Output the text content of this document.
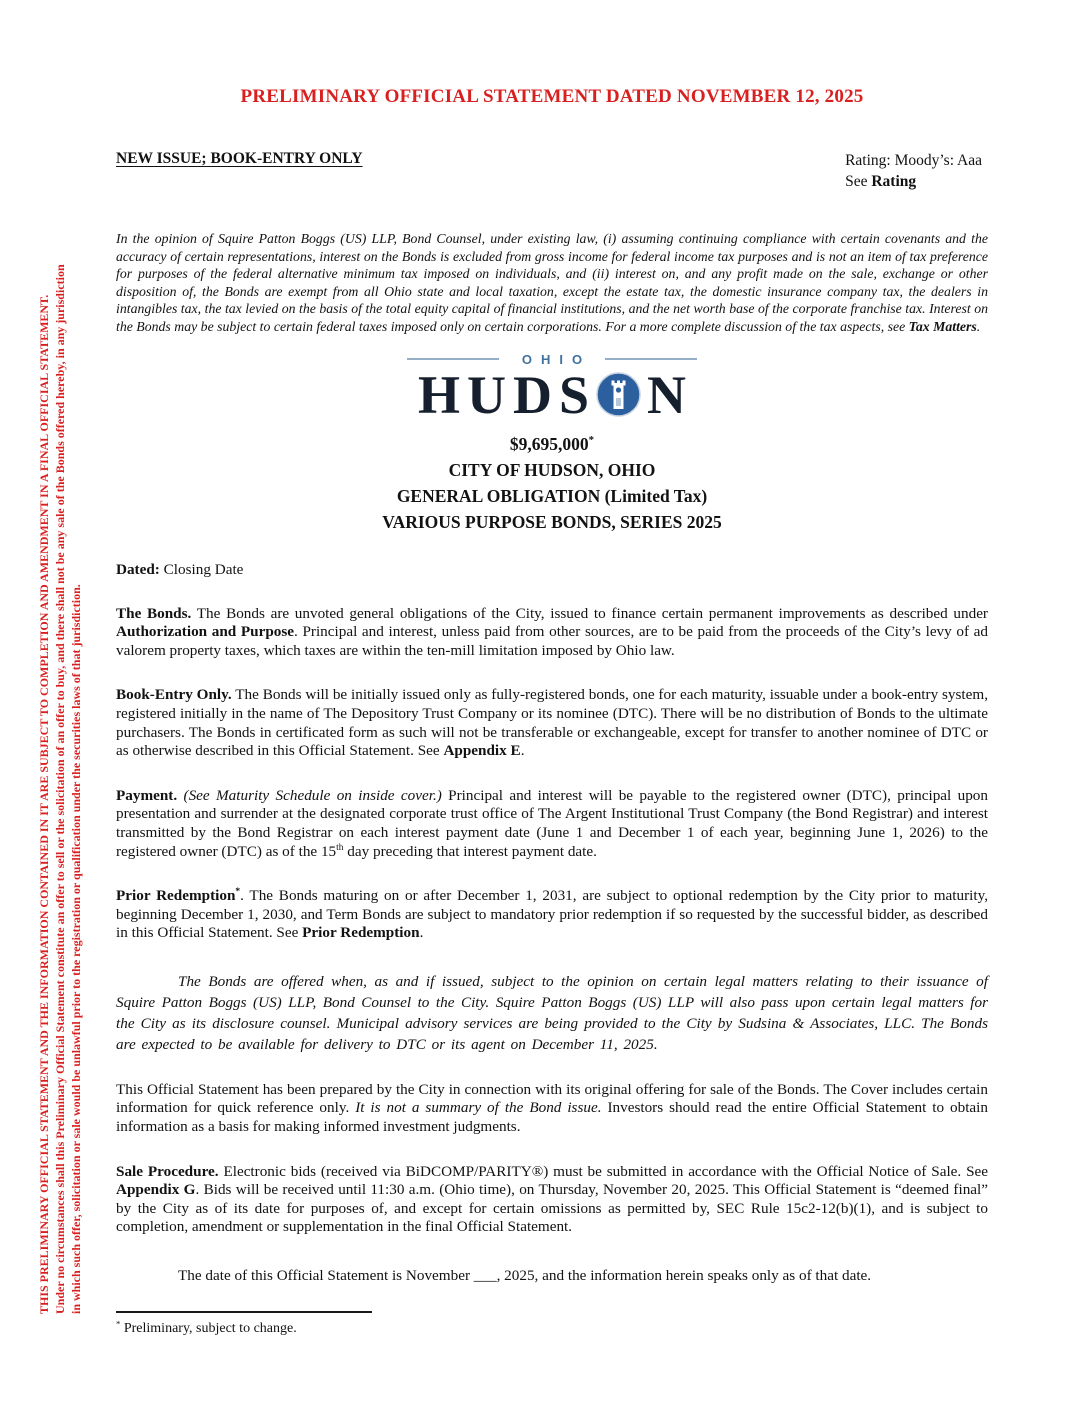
THIS PRELIMINARY OFFICIAL STATEMENT AND THE INFORMATION CONTAINED IN IT ARE SUBJECT TO COMPLETION AND AMENDMENT IN A FINAL OFFICIAL STATEMENT. Under no circumstances shall this Preliminary Official Statement constitute an offer to sell or the solicitation of an offer to buy, and there shall not be any sale of the Bonds offered hereby, in any jurisdiction in which such offer, solicitation or sale would be unlawful prior to the registration or qualification under the securities laws of that jurisdiction.
PRELIMINARY OFFICIAL STATEMENT DATED NOVEMBER 12, 2025
NEW ISSUE; BOOK-ENTRY ONLY	Rating: Moody’s: Aaa
See Rating
In the opinion of Squire Patton Boggs (US) LLP, Bond Counsel, under existing law, (i) assuming continuing compliance with certain covenants and the accuracy of certain representations, interest on the Bonds is excluded from gross income for federal income tax purposes and is not an item of tax preference for purposes of the federal alternative minimum tax imposed on individuals, and (ii) interest on, and any profit made on the sale, exchange or other disposition of, the Bonds are exempt from all Ohio state and local taxation, except the estate tax, the domestic insurance company tax, the dealers in intangibles tax, the tax levied on the basis of the total equity capital of financial institutions, and the net worth base of the corporate franchise tax. Interest on the Bonds may be subject to certain federal taxes imposed only on certain corporations. For a more complete discussion of the tax aspects, see Tax Matters.
OHIO
HUDS N
$9,695,000*
CITY OF HUDSON, OHIO
GENERAL OBLIGATION (Limited Tax)
VARIOUS PURPOSE BONDS, SERIES 2025
Dated: Closing Date
The Bonds. The Bonds are unvoted general obligations of the City, issued to finance certain permanent improvements as described under Authorization and Purpose. Principal and interest, unless paid from other sources, are to be paid from the proceeds of the City’s levy of ad valorem property taxes, which taxes are within the ten-mill limitation imposed by Ohio law.
Book-Entry Only. The Bonds will be initially issued only as fully-registered bonds, one for each maturity, issuable under a book-entry system, registered initially in the name of The Depository Trust Company or its nominee (DTC). There will be no distribution of Bonds to the ultimate purchasers. The Bonds in certificated form as such will not be transferable or exchangeable, except for transfer to another nominee of DTC or as otherwise described in this Official Statement. See Appendix E.
Payment. (See Maturity Schedule on inside cover.) Principal and interest will be payable to the registered owner (DTC), principal upon presentation and surrender at the designated corporate trust office of The Argent Institutional Trust Company (the Bond Registrar) and interest transmitted by the Bond Registrar on each interest payment date (June 1 and December 1 of each year, beginning June 1, 2026) to the registered owner (DTC) as of the 15th day preceding that interest payment date.
Prior Redemption*. The Bonds maturing on or after December 1, 2031, are subject to optional redemption by the City prior to maturity, beginning December 1, 2030, and Term Bonds are subject to mandatory prior redemption if so requested by the successful bidder, as described in this Official Statement. See Prior Redemption.
The Bonds are offered when, as and if issued, subject to the opinion on certain legal matters relating to their issuance of Squire Patton Boggs (US) LLP, Bond Counsel to the City. Squire Patton Boggs (US) LLP will also pass upon certain legal matters for the City as its disclosure counsel. Municipal advisory services are being provided to the City by Sudsina & Associates, LLC. The Bonds are expected to be available for delivery to DTC or its agent on December 11, 2025.
This Official Statement has been prepared by the City in connection with its original offering for sale of the Bonds. The Cover includes certain information for quick reference only. It is not a summary of the Bond issue. Investors should read the entire Official Statement to obtain information as a basis for making informed investment judgments.
Sale Procedure. Electronic bids (received via BiDCOMP/PARITY®) must be submitted in accordance with the Official Notice of Sale. See Appendix G. Bids will be received until 11:30 a.m. (Ohio time), on Thursday, November 20, 2025. This Official Statement is “deemed final” by the City as of its date for purposes of, and except for certain omissions as permitted by, SEC Rule 15c2-12(b)(1), and is subject to completion, amendment or supplementation in the final Official Statement.
The date of this Official Statement is November ___, 2025, and the information herein speaks only as of that date.
* Preliminary, subject to change.
